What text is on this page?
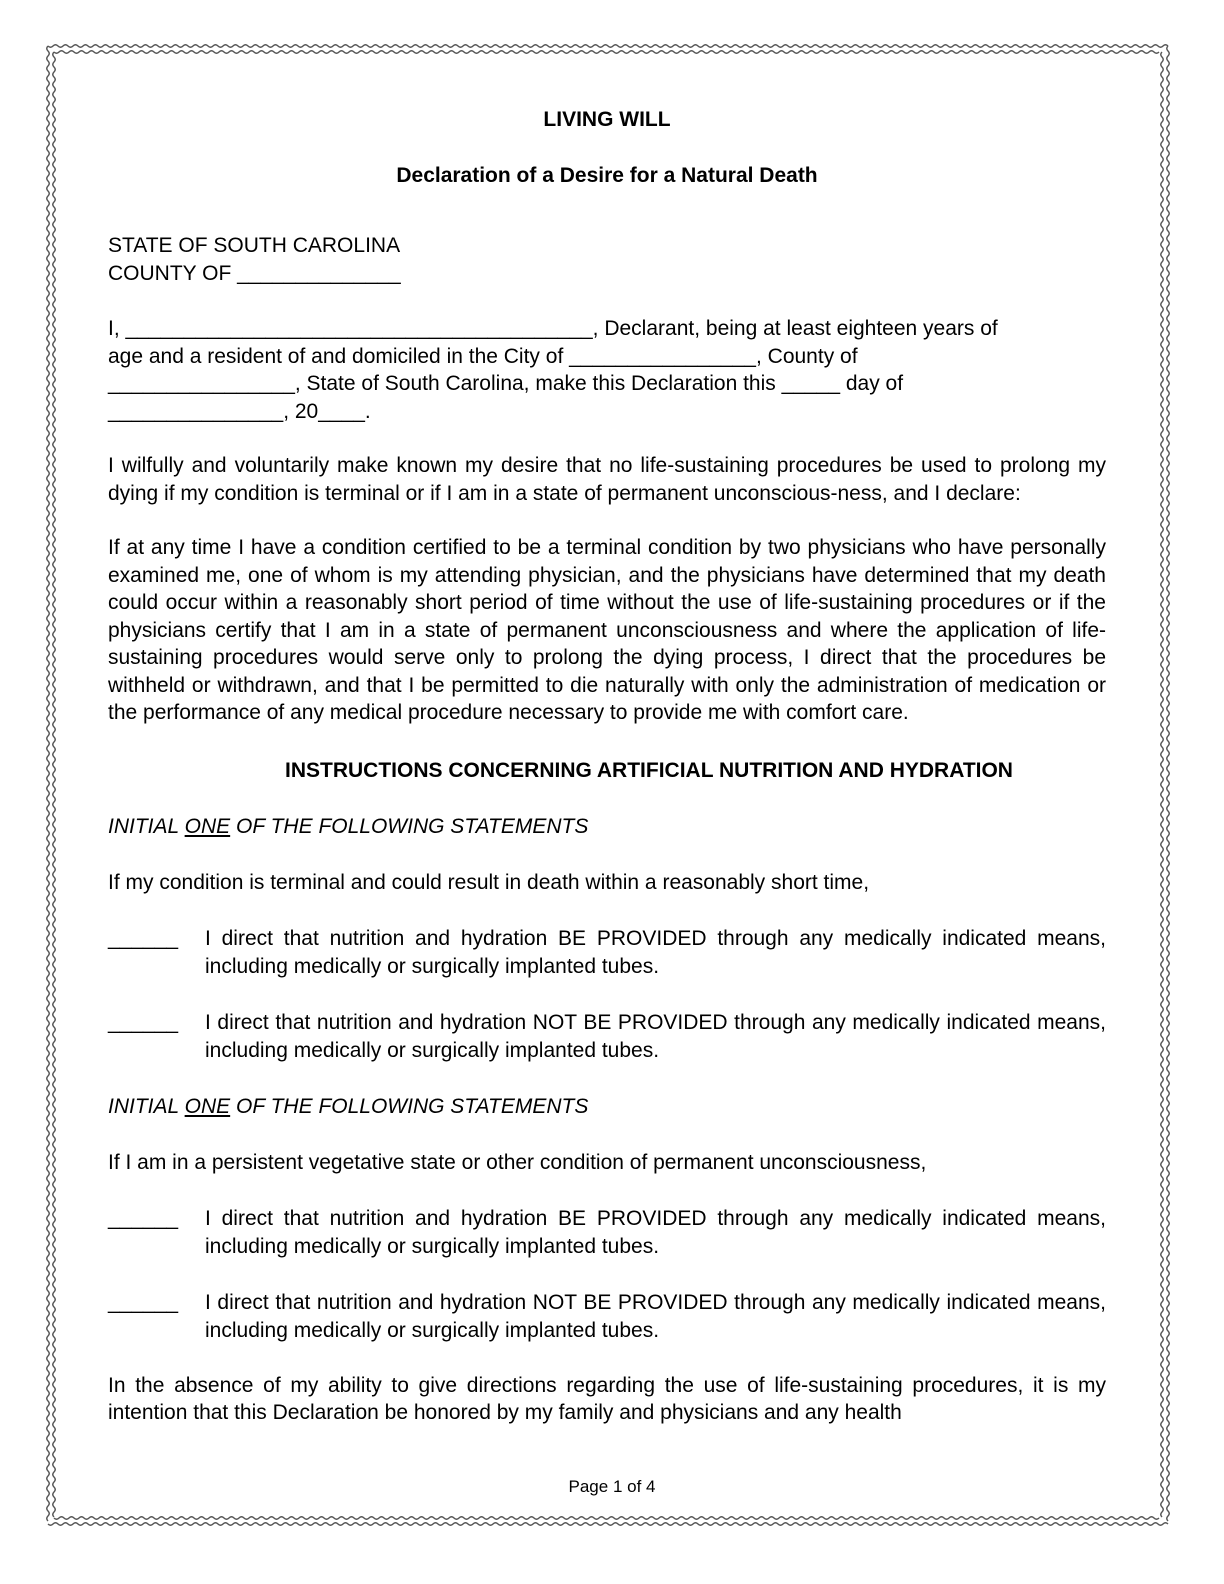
LIVING WILL

Declaration of a Desire for a Natural Death

STATE OF SOUTH CAROLINA

COUNTY OF ______________

I, ________________________________________, Declarant, being at least eighteen years of

age and a resident of and domiciled in the City of ________________, County of

________________, State of South Carolina, make this Declaration this _____ day of

_______________, 20____.

I wilfully and voluntarily make known my desire that no life-sustaining procedures be used to prolong my dying if my condition is terminal or if I am in a state of permanent unconscious-ness, and I declare:

If at any time I have a condition certified to be a terminal condition by two physicians who have personally examined me, one of whom is my attending physician, and the physicians have determined that my death could occur within a reasonably short period of time without the use of life-sustaining procedures or if the physicians certify that I am in a state of permanent unconsciousness and where the application of life-sustaining procedures would serve only to prolong the dying process, I direct that the procedures be withheld or withdrawn, and that I be permitted to die naturally with only the administration of medication or the performance of any medical procedure necessary to provide me with comfort care.

INSTRUCTIONS CONCERNING ARTIFICIAL NUTRITION AND HYDRATION

INITIAL ONE OF THE FOLLOWING STATEMENTS

If my condition is terminal and could result in death within a reasonably short time,

______	I direct that nutrition and hydration BE PROVIDED through any medically indicated means, including medically or surgically implanted tubes.
______	I direct that nutrition and hydration NOT BE PROVIDED through any medically indicated means, including medically or surgically implanted tubes.

INITIAL ONE OF THE FOLLOWING STATEMENTS

If I am in a persistent vegetative state or other condition of permanent unconsciousness,

______	I direct that nutrition and hydration BE PROVIDED through any medically indicated means, including medically or surgically implanted tubes.
______	I direct that nutrition and hydration NOT BE PROVIDED through any medically indicated means, including medically or surgically implanted tubes.

In the absence of my ability to give directions regarding the use of life-sustaining procedures, it is my intention that this Declaration be honored by my family and physicians and any health

Page 1 of 4
